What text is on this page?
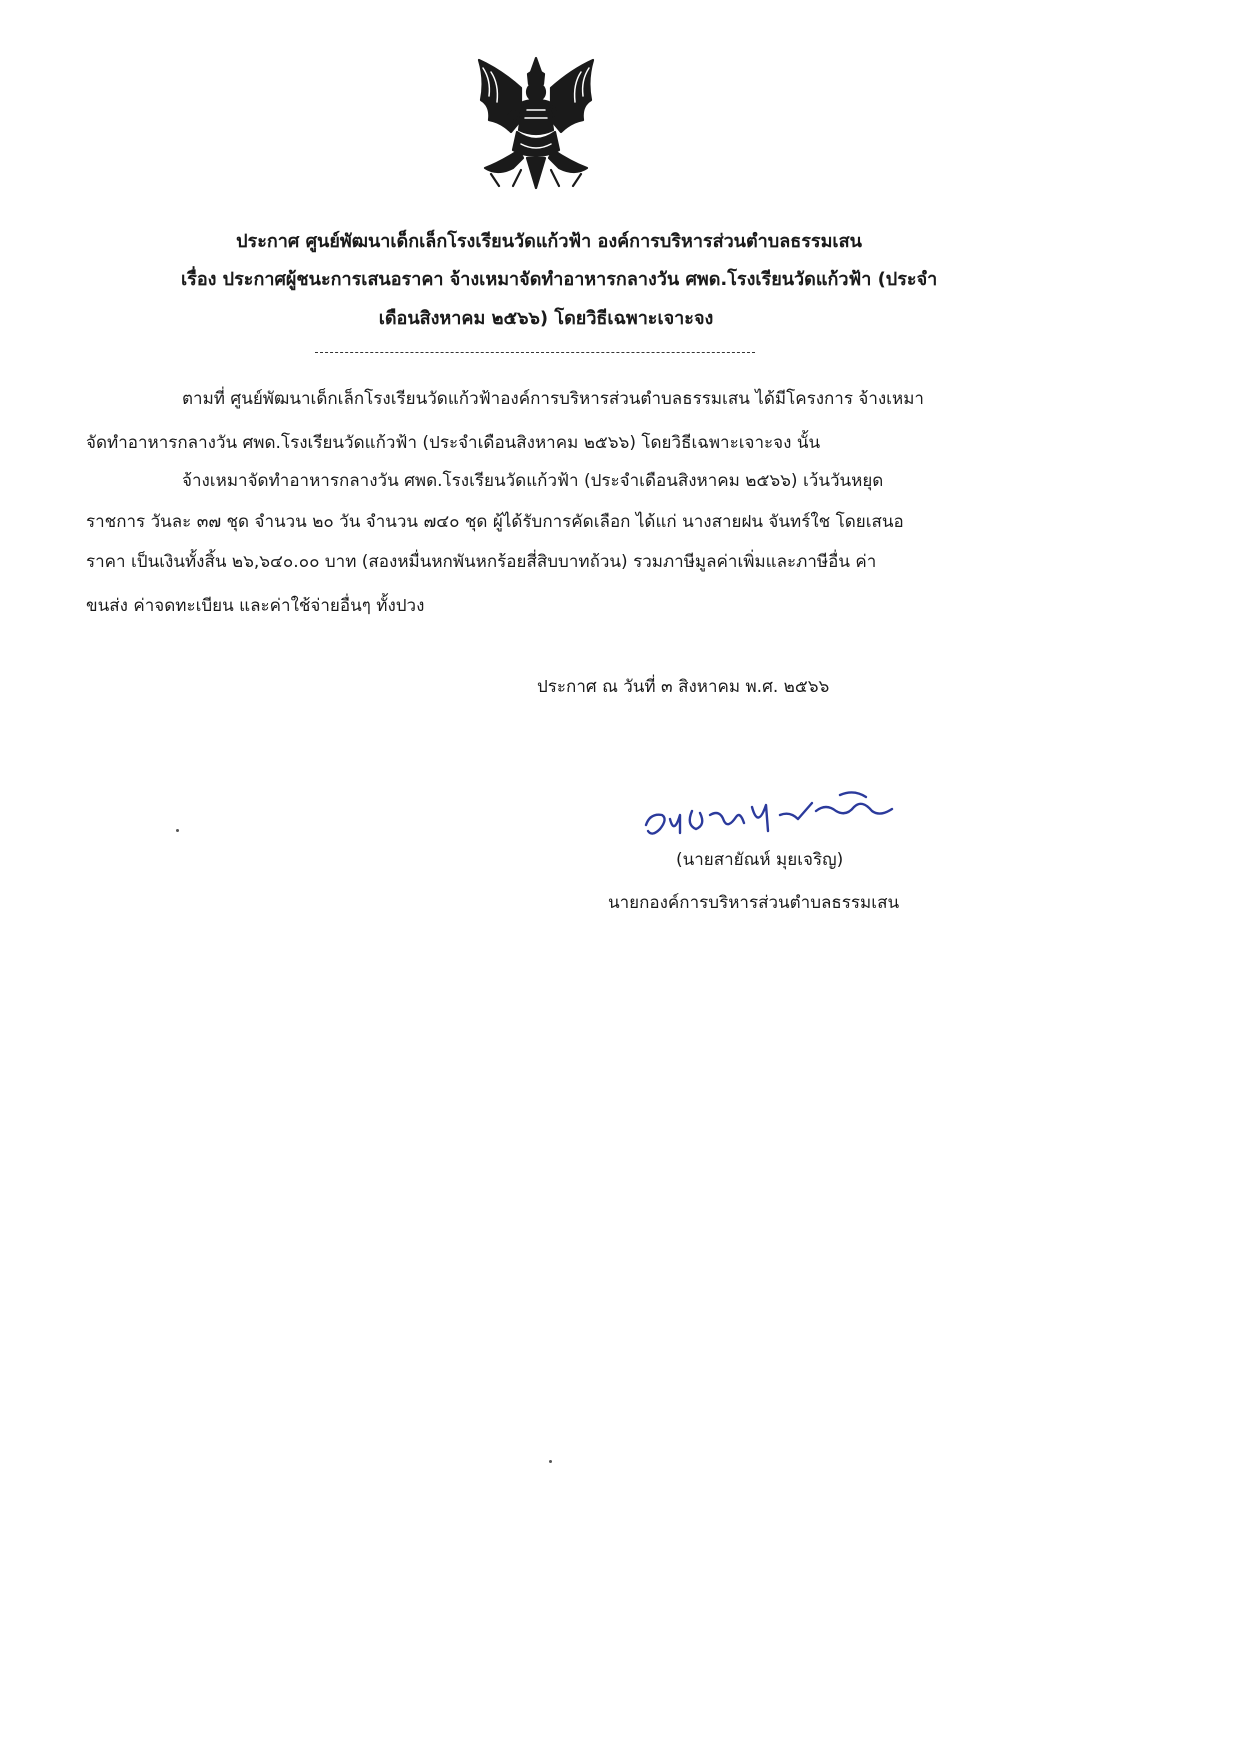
ประกาศ ศูนย์พัฒนาเด็กเล็กโรงเรียนวัดแก้วฟ้า องค์การบริหารส่วนตำบลธรรมเสน
เรื่อง ประกาศผู้ชนะการเสนอราคา จ้างเหมาจัดทำอาหารกลางวัน ศพด.โรงเรียนวัดแก้วฟ้า (ประจำ
เดือนสิงหาคม ๒๕๖๖) โดยวิธีเฉพาะเจาะจง
ตามที่ ศูนย์พัฒนาเด็กเล็กโรงเรียนวัดแก้วฟ้าองค์การบริหารส่วนตำบลธรรมเสน ได้มีโครงการ จ้างเหมา
จัดทำอาหารกลางวัน ศพด.โรงเรียนวัดแก้วฟ้า (ประจำเดือนสิงหาคม ๒๕๖๖) โดยวิธีเฉพาะเจาะจง นั้น
จ้างเหมาจัดทำอาหารกลางวัน ศพด.โรงเรียนวัดแก้วฟ้า (ประจำเดือนสิงหาคม ๒๕๖๖) เว้นวันหยุด
ราชการ วันละ ๓๗ ชุด จำนวน ๒๐ วัน จำนวน ๗๔๐ ชุด ผู้ได้รับการคัดเลือก ได้แก่ นางสายฝน จันทร์ใช โดยเสนอ
ราคา เป็นเงินทั้งสิ้น ๒๖,๖๔๐.๐๐ บาท (สองหมื่นหกพันหกร้อยสี่สิบบาทถ้วน) รวมภาษีมูลค่าเพิ่มและภาษีอื่น ค่า
ขนส่ง ค่าจดทะเบียน และค่าใช้จ่ายอื่นๆ ทั้งปวง
ประกาศ ณ วันที่ ๓ สิงหาคม พ.ศ. ๒๕๖๖
(นายสายัณห์ มุยเจริญ)
นายกองค์การบริหารส่วนตำบลธรรมเสน
